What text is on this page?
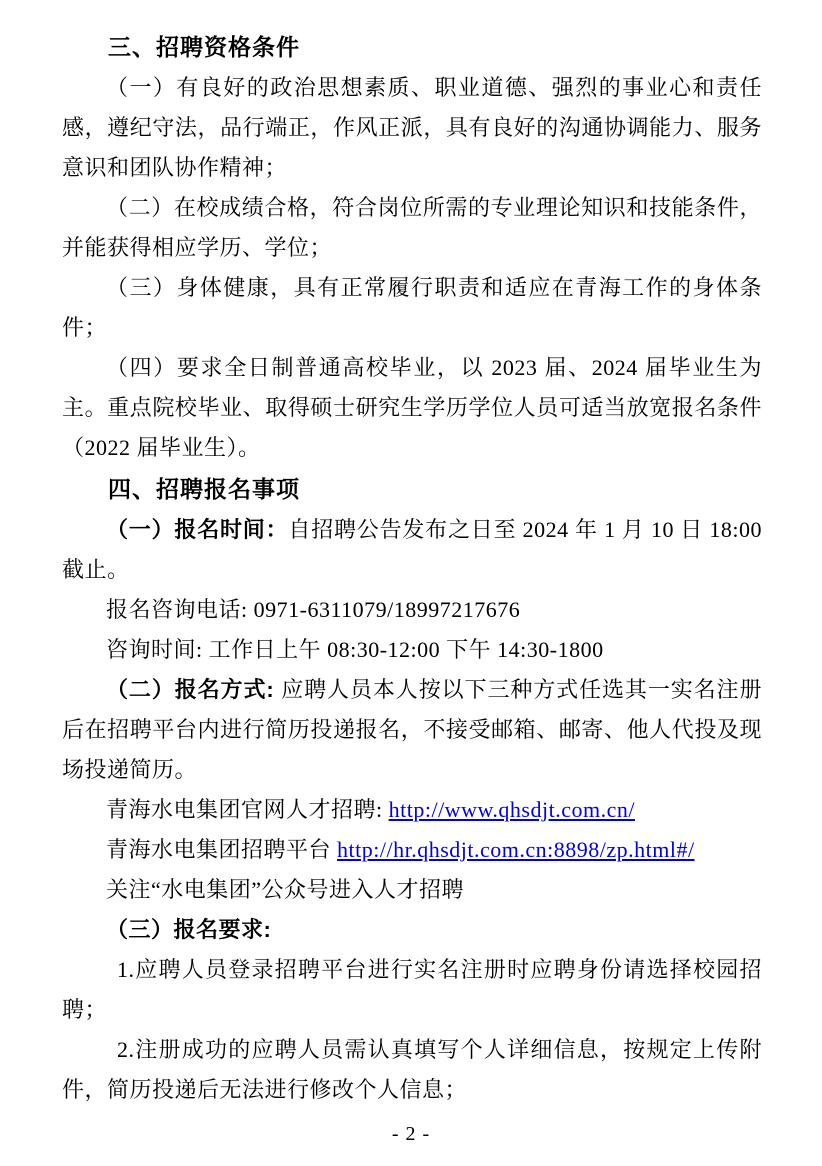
三、招聘资格条件

（一）有良好的政治思想素质、职业道德、强烈的事业心和责任感，遵纪守法，品行端正，作风正派，具有良好的沟通协调能力、服务意识和团队协作精神；

（二）在校成绩合格，符合岗位所需的专业理论知识和技能条件，并能获得相应学历、学位；

（三）身体健康，具有正常履行职责和适应在青海工作的身体条件；

（四）要求全日制普通高校毕业，以 2023 届、2024 届毕业生为主。重点院校毕业、取得硕士研究生学历学位人员可适当放宽报名条件（2022 届毕业生）。

四、招聘报名事项

（一）报名时间：自招聘公告发布之日至 2024 年 1 月 10 日 18:00 截止。

报名咨询电话: 0971-6311079/18997217676

咨询时间: 工作日上午 08:30-12:00 下午 14:30-1800

（二）报名方式: 应聘人员本人按以下三种方式任选其一实名注册后在招聘平台内进行简历投递报名，不接受邮箱、邮寄、他人代投及现场投递简历。

青海水电集团官网人才招聘: http://www.qhsdjt.com.cn/

青海水电集团招聘平台 http://hr.qhsdjt.com.cn:8898/zp.html#/

关注“水电集团”公众号进入人才招聘

（三）报名要求:

1.应聘人员登录招聘平台进行实名注册时应聘身份请选择校园招聘；

2.注册成功的应聘人员需认真填写个人详细信息，按规定上传附件，简历投递后无法进行修改个人信息；

- 2 -
